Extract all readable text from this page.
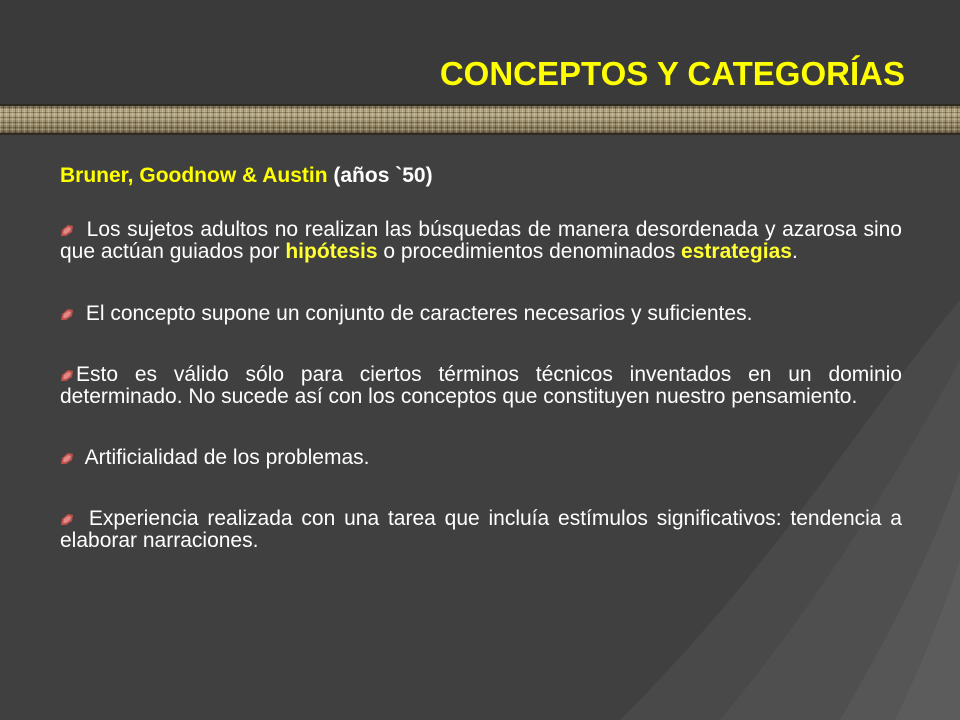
CONCEPTOS Y CATEGORÍAS

Bruner, Goodnow & Austin (años `50)

Los sujetos adultos no realizan las búsquedas de manera desordenada y azarosa sino que actúan guiados por hipótesis o procedimientos denominados estrategias.

El concepto supone un conjunto de caracteres necesarios y suficientes.

Esto es válido sólo para ciertos términos técnicos inventados en un dominio determinado. No sucede así con los conceptos que constituyen nuestro pensamiento.

Artificialidad de los problemas.

Experiencia realizada con una tarea que incluía estímulos significativos: tendencia a elaborar narraciones.
